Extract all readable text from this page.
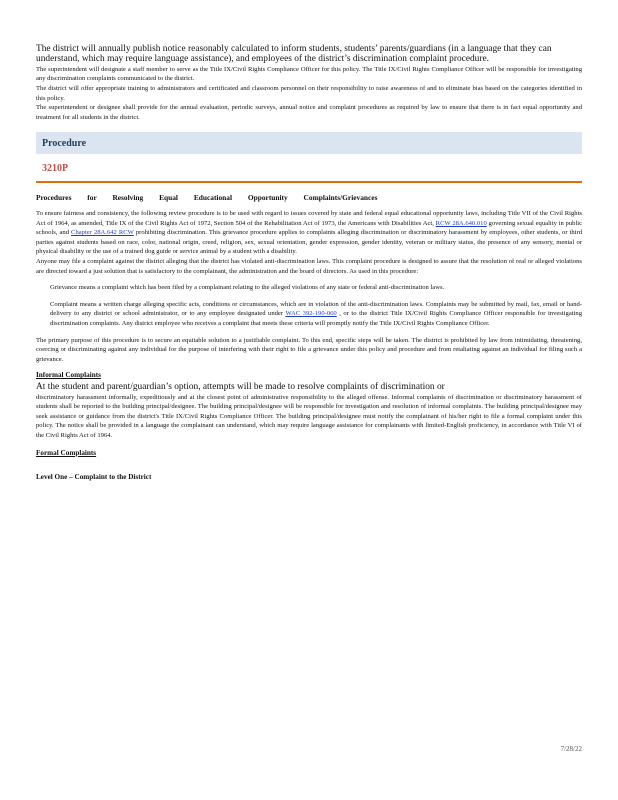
The district will annually publish notice reasonably calculated to inform students, students’ parents/guardians (in a language that they can understand, which may require language assistance), and employees of the district’s discrimination complaint procedure.

The superintendent will designate a staff member to serve as the Title IX/Civil Rights Compliance Officer for this policy. The Title IX/Civil Rights Compliance Officer will be responsible for investigating any discrimination complaints communicated to the district.

The district will offer appropriate training to administrators and certificated and classroom personnel on their responsibility to raise awareness of and to eliminate bias based on the categories identified in this policy.

The superintendent or designee shall provide for the annual evaluation, periodic surveys, annual notice and complaint procedures as required by law to ensure that there is in fact equal opportunity and treatment for all students in the district.

Procedure
3210P
Procedures for Resolving Equal Educational Opportunity Complaints/Grievances

To ensure fairness and consistency, the following review procedure is to be used with regard to issues covered by state and federal equal educational opportunity laws, including Title VII of the Civil Rights Act of 1964, as amended, Title IX of the Civil Rights Act of 1972, Section 504 of the Rehabilitation Act of 1973, the Americans with Disabilities Act, RCW 28A.640.010 governing sexual equality in public schools, and Chapter 28A.642 RCW prohibiting discrimination. This grievance procedure applies to complaints alleging discrimination or discriminatory harassment by employees, other students, or third parties against students based on race, color, national origin, creed, religion, sex, sexual orientation, gender expression, gender identity, veteran or military status, the presence of any sensory, mental or physical disability or the use of a trained dog guide or service animal by a student with a disability.

Anyone may file a complaint against the district alleging that the district has violated anti-discrimination laws. This complaint procedure is designed to assure that the resolution of real or alleged violations are directed toward a just solution that is satisfactory to the complainant, the administration and the board of directors. As used in this procedure:

Grievance means a complaint which has been filed by a complainant relating to the alleged violations of any state or federal anti-discrimination laws.

Complaint means a written charge alleging specific acts, conditions or circumstances, which are in violation of the anti-discrimination laws. Complaints may be submitted by mail, fax, email or hand-delivery to any district or school administrator, or to any employee designated under WAC 392-190-060 , or to the district Title IX/Civil Rights Compliance Officer responsible for investigating discrimination complaints. Any district employee who receives a complaint that meets these criteria will promptly notify the Title IX/Civil Rights Compliance Officer.

The primary purpose of this procedure is to secure an equitable solution to a justifiable complaint. To this end, specific steps will be taken. The district is prohibited by law from intimidating, threatening, coercing or discriminating against any individual for the purpose of interfering with their right to file a grievance under this policy and procedure and from retaliating against an individual for filing such a grievance.

Informal Complaints

At the student and parent/guardian’s option, attempts will be made to resolve complaints of discrimination or

discriminatory harassment informally, expeditiously and at the closest point of administrative responsibility to the alleged offense. Informal complaints of discrimination or discriminatory harassment of students shall be reported to the building principal/designee. The building principal/designee will be responsible for investigation and resolution of informal complaints. The building principal/designee may seek assistance or guidance from the district's Title IX/Civil Rights Compliance Officer. The building principal/designee must notify the complainant of his/her right to file a formal complaint under this policy. The notice shall be provided in a language the complainant can understand, which may require language assistance for complainants with limited-English proficiency, in accordance with Title VI of the Civil Rights Act of 1964.

Formal Complaints
Level One – Complaint to the District
7/28/22
